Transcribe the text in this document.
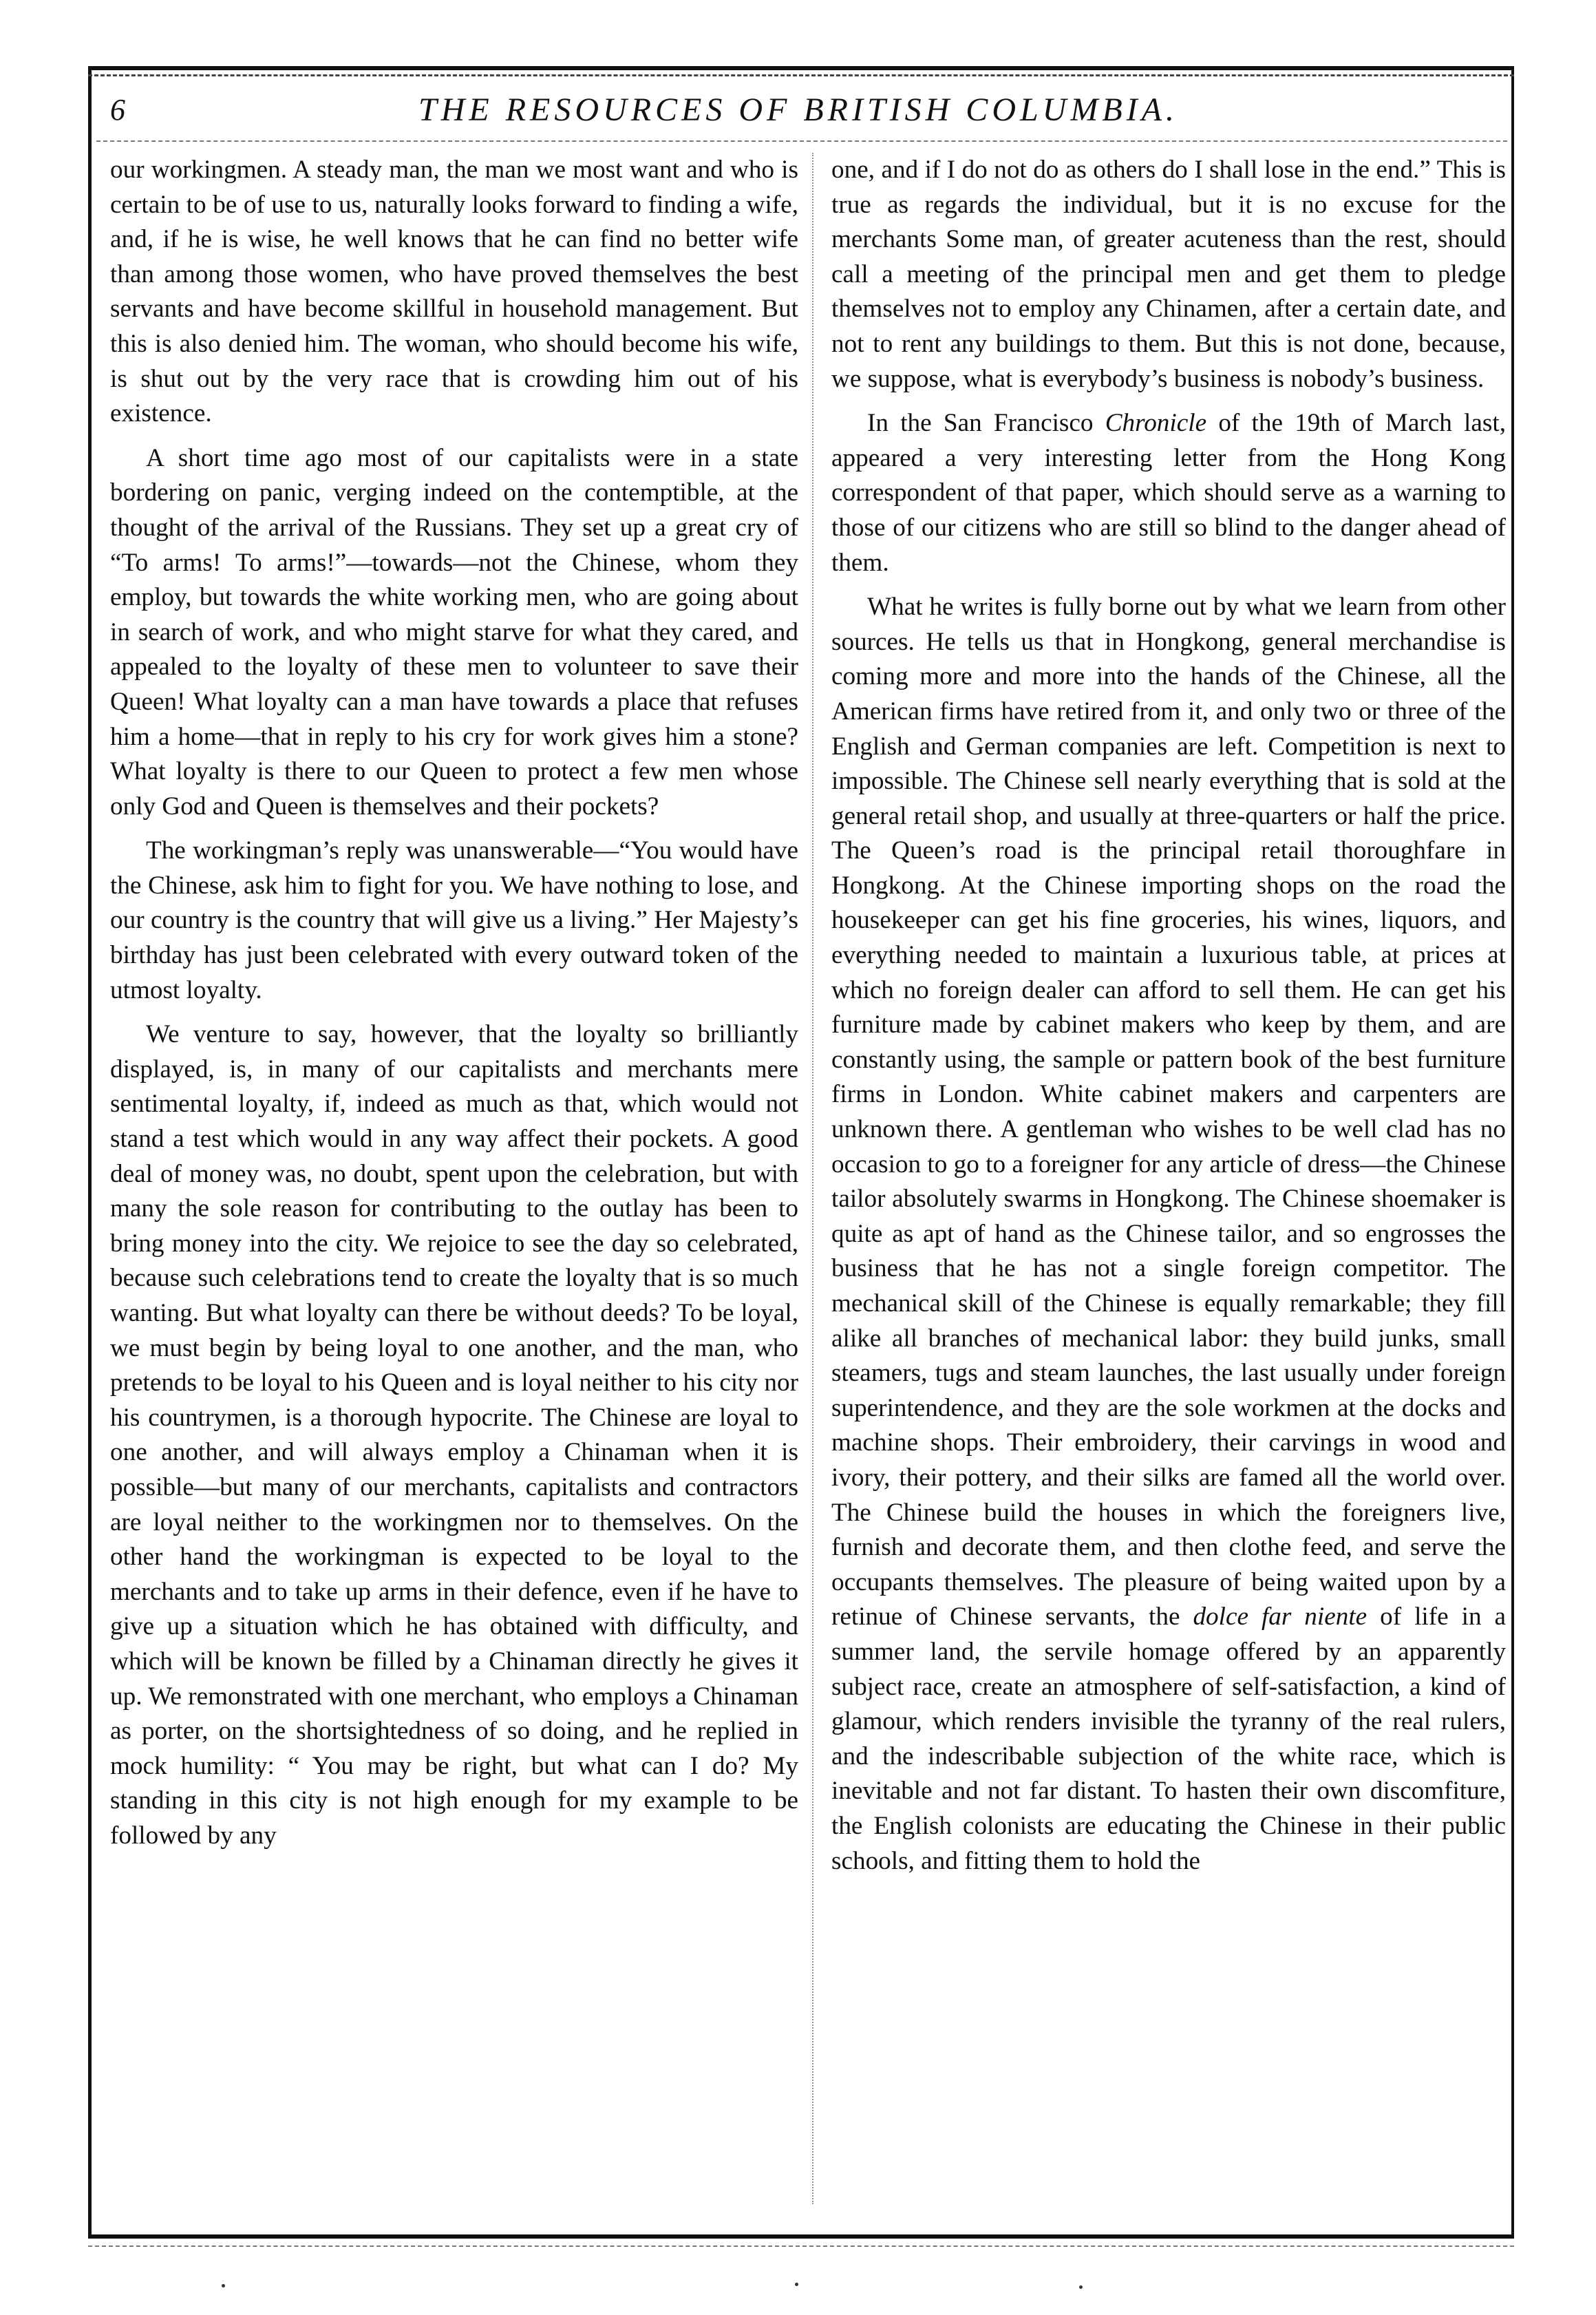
6	THE RESOURCES OF BRITISH COLUMBIA.

our workingmen. A steady man, the man we most want and who is certain to be of use to us, naturally looks forward to finding a wife, and, if he is wise, he well knows that he can find no better wife than among those women, who have proved themselves the best servants and have become skillful in household management. But this is also denied him. The woman, who should become his wife, is shut out by the very race that is crowding him out of his existence.

A short time ago most of our capitalists were in a state bordering on panic, verging indeed on the contemptible, at the thought of the arrival of the Russians. They set up a great cry of “To arms! To arms!”—towards—not the Chinese, whom they employ, but towards the white working men, who are going about in search of work, and who might starve for what they cared, and appealed to the loyalty of these men to volunteer to save their Queen! What loyalty can a man have towards a place that refuses him a home—that in reply to his cry for work gives him a stone? What loyalty is there to our Queen to protect a few men whose only God and Queen is themselves and their pockets?

The workingman’s reply was unanswerable—“You would have the Chinese, ask him to fight for you. We have nothing to lose, and our country is the country that will give us a living.” Her Majesty’s birthday has just been celebrated with every outward token of the utmost loyalty.

We venture to say, however, that the loyalty so brilliantly displayed, is, in many of our capitalists and merchants mere sentimental loyalty, if, indeed as much as that, which would not stand a test which would in any way affect their pockets. A good deal of money was, no doubt, spent upon the celebration, but with many the sole reason for contributing to the outlay has been to bring money into the city. We rejoice to see the day so celebrated, because such celebrations tend to create the loyalty that is so much wanting. But what loyalty can there be without deeds? To be loyal, we must begin by being loyal to one another, and the man, who pretends to be loyal to his Queen and is loyal neither to his city nor his countrymen, is a thorough hypocrite. The Chinese are loyal to one another, and will always employ a Chinaman when it is possible—but many of our merchants, capitalists and contractors are loyal neither to the workingmen nor to themselves. On the other hand the workingman is expected to be loyal to the merchants and to take up arms in their defence, even if he have to give up a situation which he has obtained with difficulty, and which will be known be filled by a Chinaman directly he gives it up. We remonstrated with one merchant, who employs a Chinaman as porter, on the shortsightedness of so doing, and he replied in mock humility: “ You may be right, but what can I do? My standing in this city is not high enough for my example to be followed by any

one, and if I do not do as others do I shall lose in the end.” This is true as regards the individual, but it is no excuse for the merchants Some man, of greater acuteness than the rest, should call a meeting of the principal men and get them to pledge themselves not to employ any Chinamen, after a certain date, and not to rent any buildings to them. But this is not done, because, we suppose, what is everybody’s business is nobody’s business.

In the San Francisco Chronicle of the 19th of March last, appeared a very interesting letter from the Hong Kong correspondent of that paper, which should serve as a warning to those of our citizens who are still so blind to the danger ahead of them.

What he writes is fully borne out by what we learn from other sources. He tells us that in Hongkong, general merchandise is coming more and more into the hands of the Chinese, all the American firms have retired from it, and only two or three of the English and German companies are left. Competition is next to impossible. The Chinese sell nearly everything that is sold at the general retail shop, and usually at three-quarters or half the price. The Queen’s road is the principal retail thoroughfare in Hongkong. At the Chinese importing shops on the road the housekeeper can get his fine groceries, his wines, liquors, and everything needed to maintain a luxurious table, at prices at which no foreign dealer can afford to sell them. He can get his furniture made by cabinet makers who keep by them, and are constantly using, the sample or pattern book of the best furniture firms in London. White cabinet makers and carpenters are unknown there. A gentleman who wishes to be well clad has no occasion to go to a foreigner for any article of dress—the Chinese tailor absolutely swarms in Hongkong. The Chinese shoemaker is quite as apt of hand as the Chinese tailor, and so engrosses the business that he has not a single foreign competitor. The mechanical skill of the Chinese is equally remarkable; they fill alike all branches of mechanical labor: they build junks, small steamers, tugs and steam launches, the last usually under foreign superintendence, and they are the sole workmen at the docks and machine shops. Their embroidery, their carvings in wood and ivory, their pottery, and their silks are famed all the world over. The Chinese build the houses in which the foreigners live, furnish and decorate them, and then clothe feed, and serve the occupants themselves. The pleasure of being waited upon by a retinue of Chinese servants, the dolce far niente of life in a summer land, the servile homage offered by an apparently subject race, create an atmosphere of self-satisfaction, a kind of glamour, which renders invisible the tyranny of the real rulers, and the indescribable subjection of the white race, which is inevitable and not far distant. To hasten their own discomfiture, the English colonists are educating the Chinese in their public schools, and fitting them to hold the
